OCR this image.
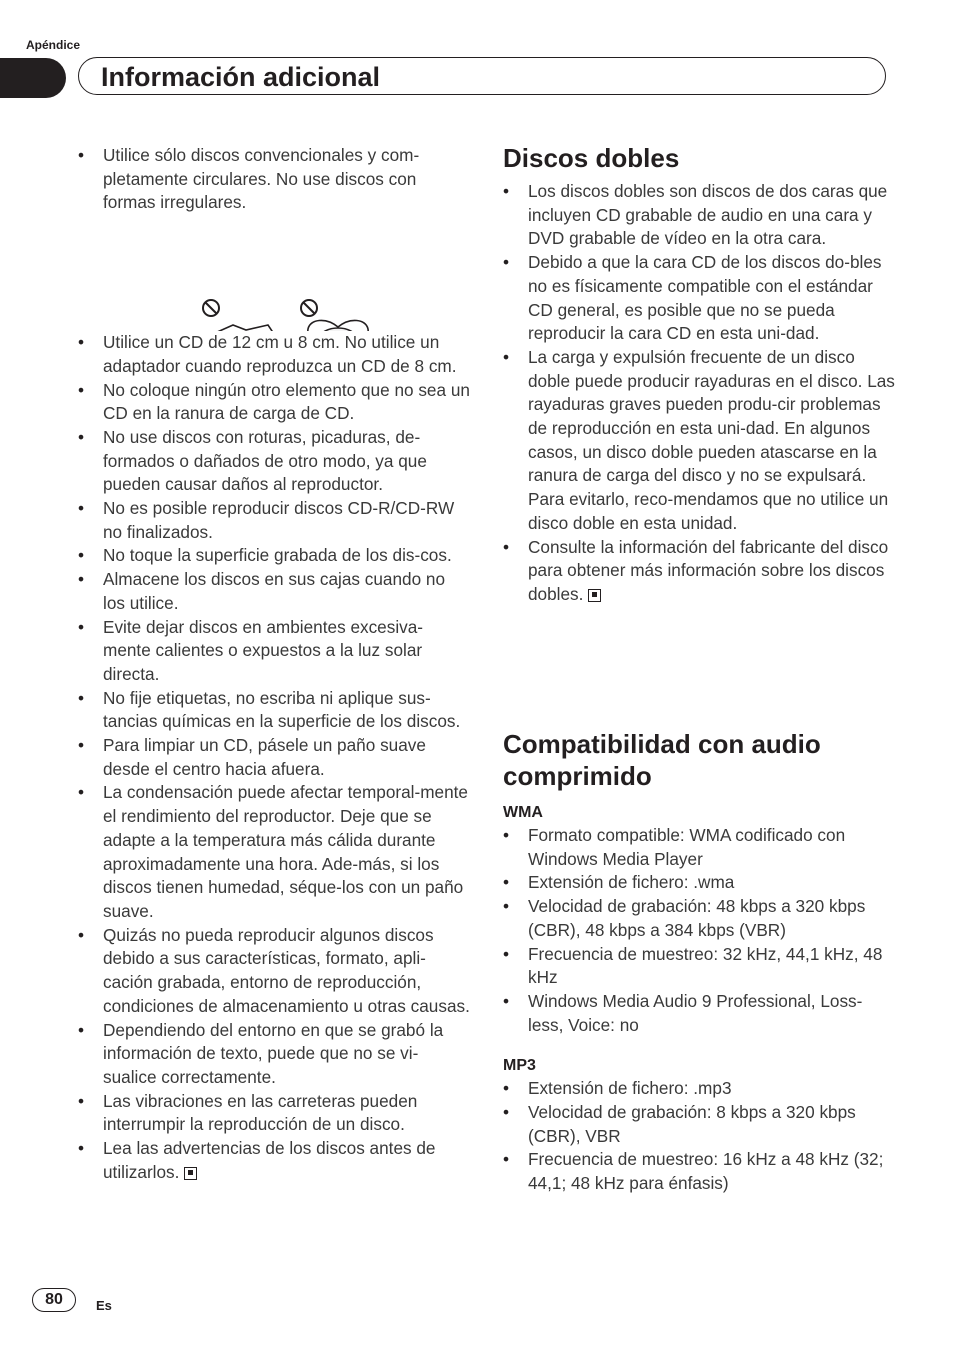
Apéndice
Información adicional
• Utilice sólo discos convencionales y com-pletamente circulares. No use discos con formas irregulares.
• Utilice un CD de 12 cm u 8 cm. No utilice un adaptador cuando reproduzca un CD de 8 cm.
• No coloque ningún otro elemento que no sea un CD en la ranura de carga de CD.
• No use discos con roturas, picaduras, de-formados o dañados de otro modo, ya que pueden causar daños al reproductor.
• No es posible reproducir discos CD-R/CD-RW no finalizados.
• No toque la superficie grabada de los dis-cos.
• Almacene los discos en sus cajas cuando no los utilice.
• Evite dejar discos en ambientes excesiva-mente calientes o expuestos a la luz solar directa.
• No fije etiquetas, no escriba ni aplique sus-tancias químicas en la superficie de los discos.
• Para limpiar un CD, pásele un paño suave desde el centro hacia afuera.
• La condensación puede afectar temporal-mente el rendimiento del reproductor. Deje que se adapte a la temperatura más cálida durante aproximadamente una hora. Ade-más, si los discos tienen humedad, séque-los con un paño suave.
• Quizás no pueda reproducir algunos discos debido a sus características, formato, apli-cación grabada, entorno de reproducción, condiciones de almacenamiento u otras causas.
• Dependiendo del entorno en que se grabó la información de texto, puede que no se vi-sualice correctamente.
• Las vibraciones en las carreteras pueden interrumpir la reproducción de un disco.
• Lea las advertencias de los discos antes de utilizarlos.
Discos dobles
• Los discos dobles son discos de dos caras que incluyen CD grabable de audio en una cara y DVD grabable de vídeo en la otra cara.
• Debido a que la cara CD de los discos do-bles no es físicamente compatible con el estándar CD general, es posible que no se pueda reproducir la cara CD en esta uni-dad.
• La carga y expulsión frecuente de un disco doble puede producir rayaduras en el disco. Las rayaduras graves pueden produ-cir problemas de reproducción en esta uni-dad. En algunos casos, un disco doble pueden atascarse en la ranura de carga del disco y no se expulsará. Para evitarlo, reco-mendamos que no utilice un disco doble en esta unidad.
• Consulte la información del fabricante del disco para obtener más información sobre los discos dobles.
Compatibilidad con audio comprimido
WMA
• Formato compatible: WMA codificado con Windows Media Player
• Extensión de fichero: .wma
• Velocidad de grabación: 48 kbps a 320 kbps (CBR), 48 kbps a 384 kbps (VBR)
• Frecuencia de muestreo: 32 kHz, 44,1 kHz, 48 kHz
• Windows Media Audio 9 Professional, Loss-less, Voice: no
MP3
• Extensión de fichero: .mp3
• Velocidad de grabación: 8 kbps a 320 kbps (CBR), VBR
• Frecuencia de muestreo: 16 kHz a 48 kHz (32; 44,1; 48 kHz para énfasis)
80	Es
